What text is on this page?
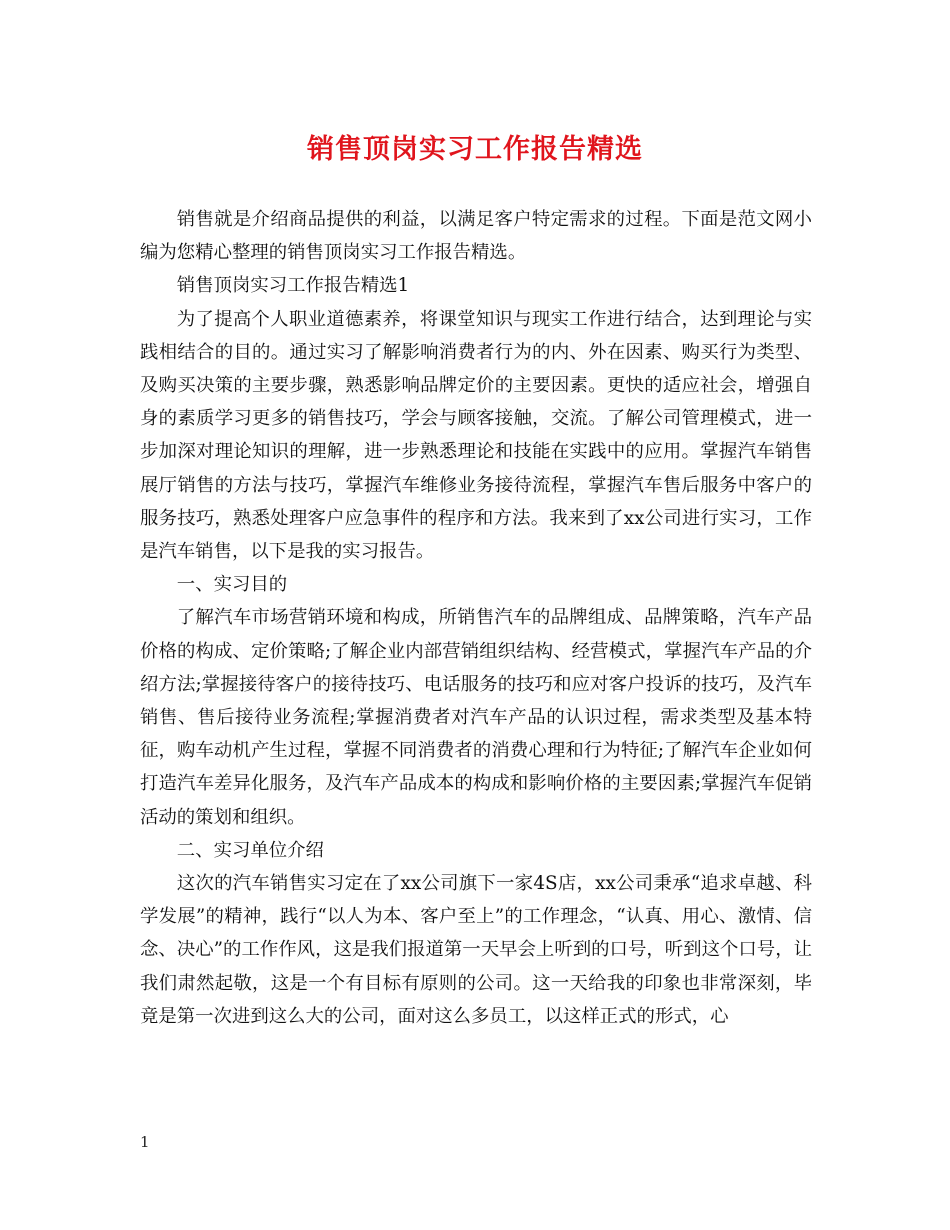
销售顶岗实习工作报告精选

销售就是介绍商品提供的利益，以满足客户特定需求的过程。下面是范文网小编为您精心整理的销售顶岗实习工作报告精选。

销售顶岗实习工作报告精选1

为了提高个人职业道德素养，将课堂知识与现实工作进行结合，达到理论与实践相结合的目的。通过实习了解影响消费者行为的内、外在因素、购买行为类型、及购买决策的主要步骤，熟悉影响品牌定价的主要因素。更快的适应社会，增强自身的素质学习更多的销售技巧，学会与顾客接触，交流。了解公司管理模式，进一步加深对理论知识的理解，进一步熟悉理论和技能在实践中的应用。掌握汽车销售展厅销售的方法与技巧，掌握汽车维修业务接待流程，掌握汽车售后服务中客户的服务技巧，熟悉处理客户应急事件的程序和方法。我来到了xx公司进行实习，工作是汽车销售，以下是我的实习报告。

一、实习目的

了解汽车市场营销环境和构成，所销售汽车的品牌组成、品牌策略，汽车产品价格的构成、定价策略;了解企业内部营销组织结构、经营模式，掌握汽车产品的介绍方法;掌握接待客户的接待技巧、电话服务的技巧和应对客户投诉的技巧，及汽车销售、售后接待业务流程;掌握消费者对汽车产品的认识过程，需求类型及基本特征，购车动机产生过程，掌握不同消费者的消费心理和行为特征;了解汽车企业如何打造汽车差异化服务，及汽车产品成本的构成和影响价格的主要因素;掌握汽车促销活动的策划和组织。

二、实习单位介绍

这次的汽车销售实习定在了xx公司旗下一家4S店，xx公司秉承“追求卓越、科学发展”的精神，践行“以人为本、客户至上”的工作理念，“认真、用心、激情、信念、决心”的工作作风，这是我们报道第一天早会上听到的口号，听到这个口号，让我们肃然起敬，这是一个有目标有原则的公司。这一天给我的印象也非常深刻，毕竟是第一次进到这么大的公司，面对这么多员工，以这样正式的形式，心

1
